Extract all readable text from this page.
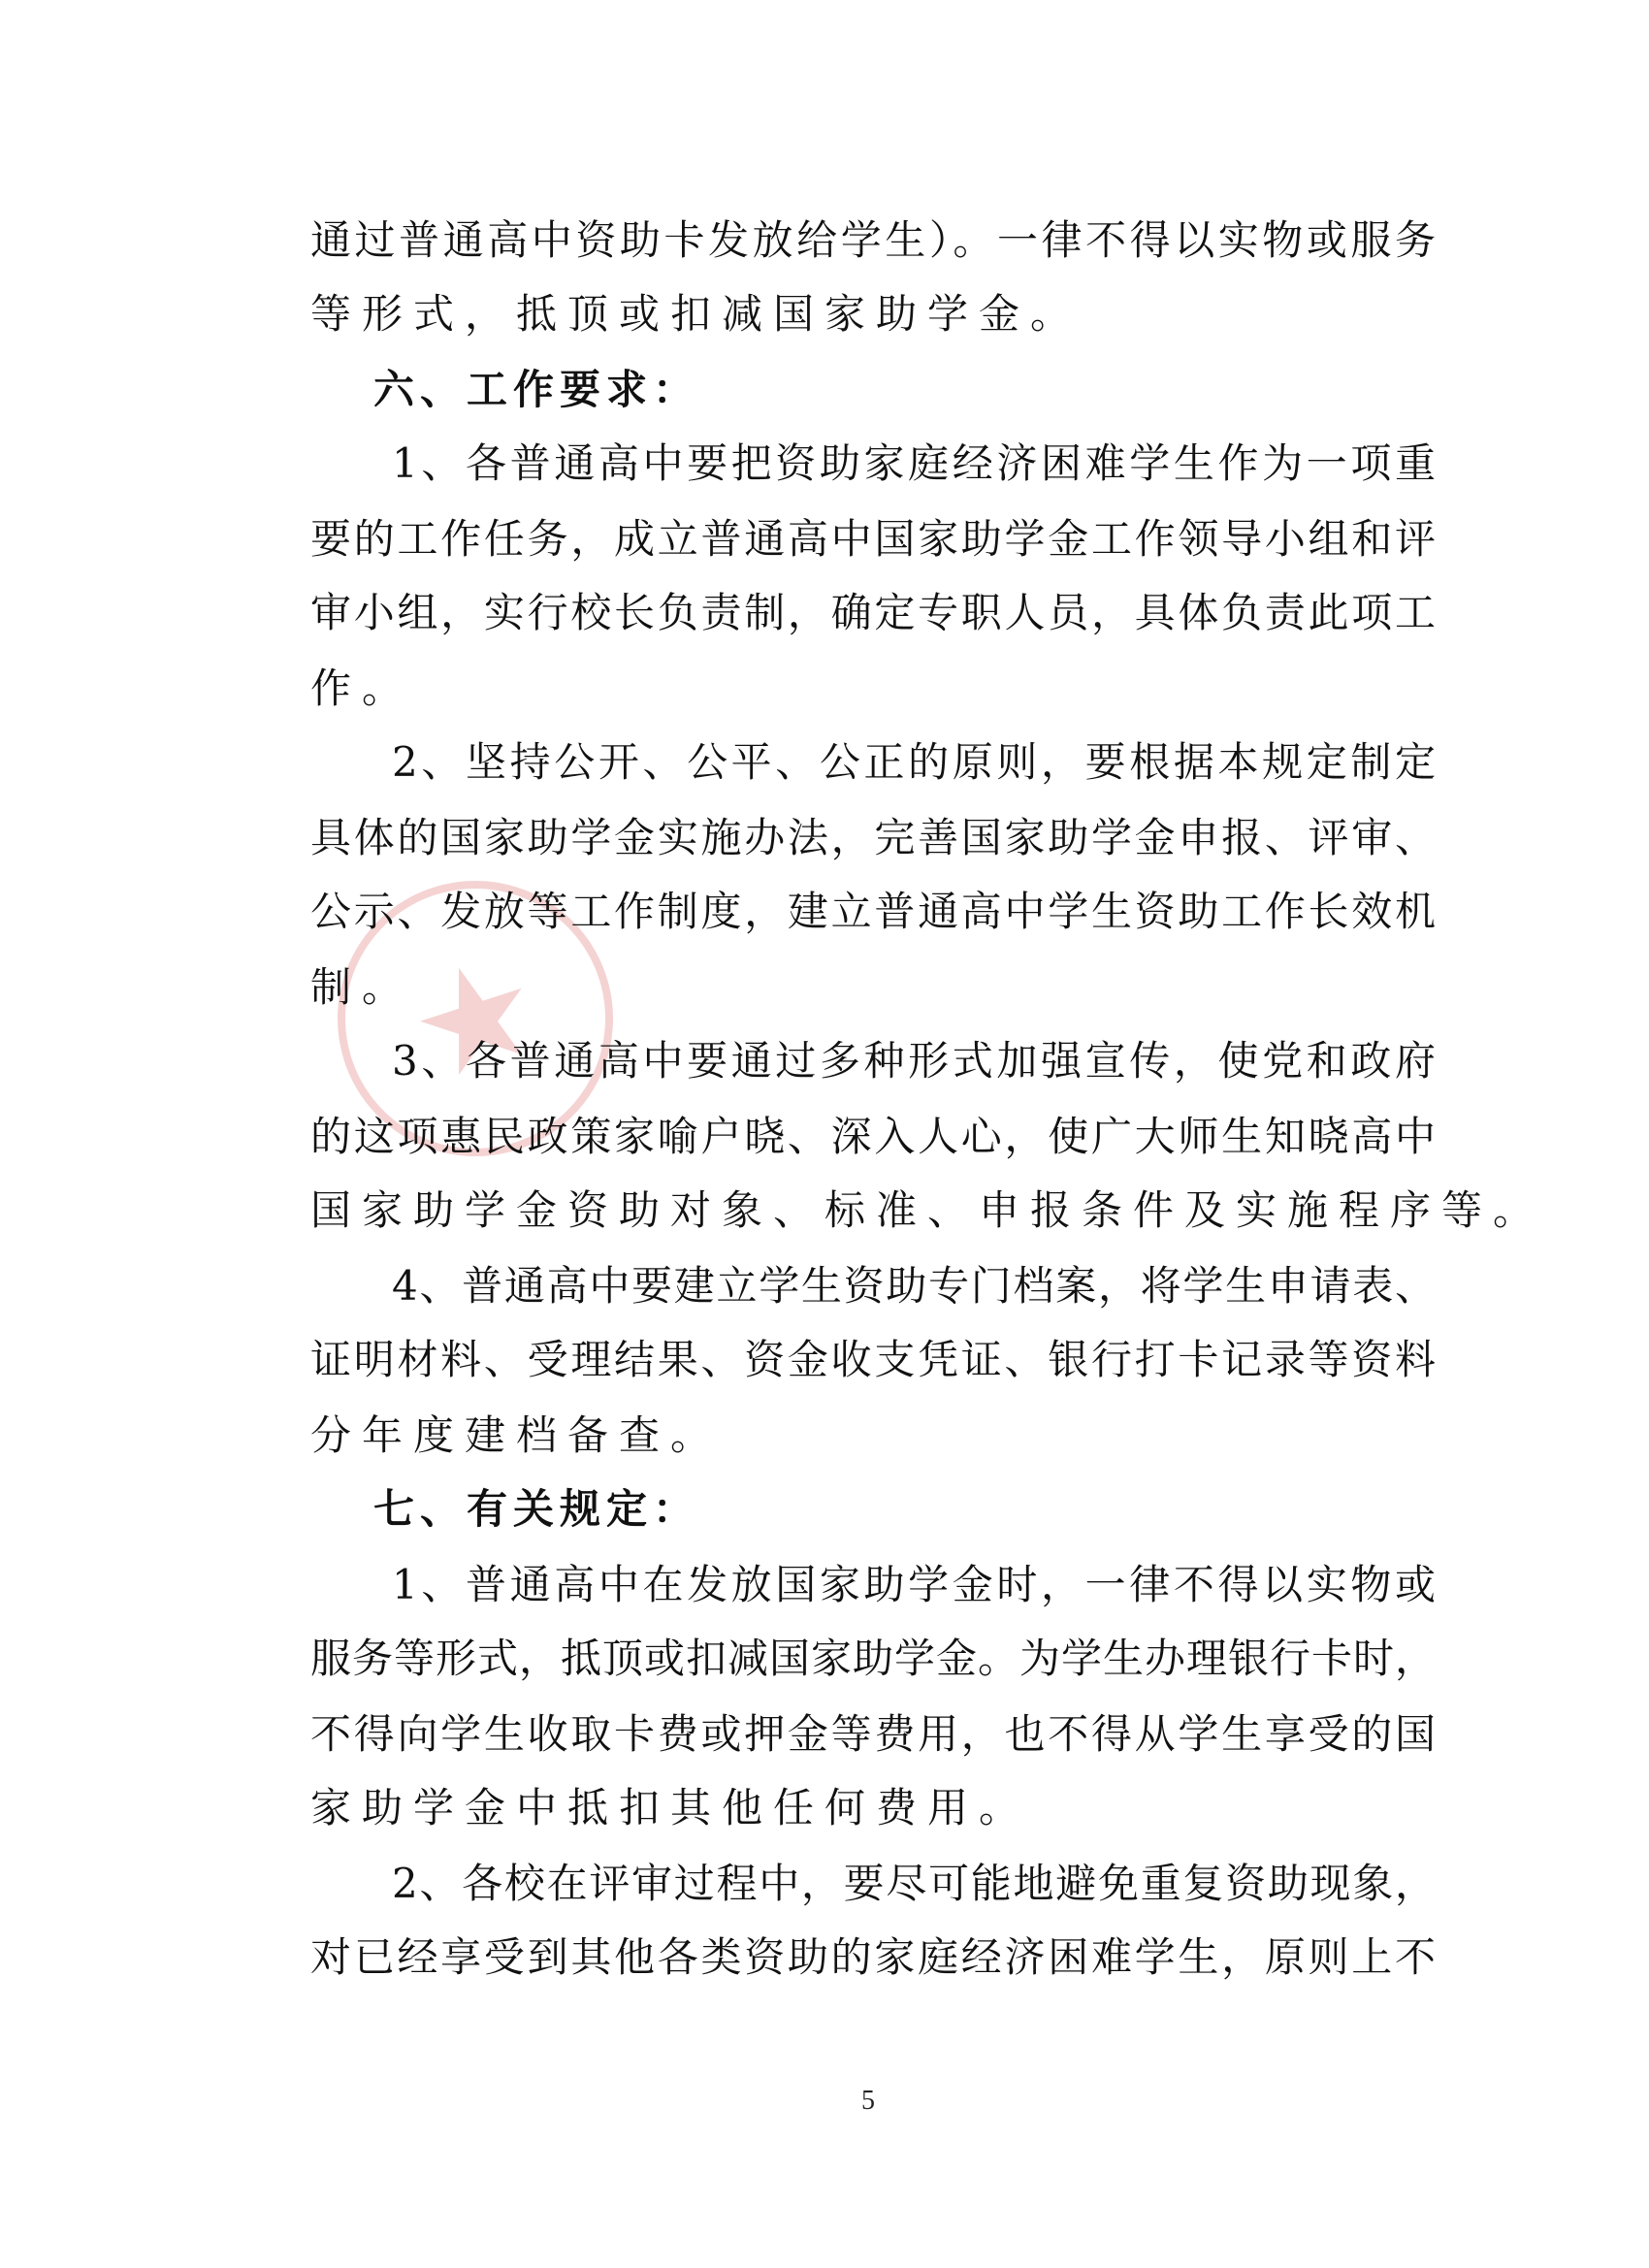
通过普通高中资助卡发放给学生）。一律不得以实物或服务
等形式，抵顶或扣减国家助学金。
六、工作要求：
1、各普通高中要把资助家庭经济困难学生作为一项重
要的工作任务，成立普通高中国家助学金工作领导小组和评
审小组，实行校长负责制，确定专职人员，具体负责此项工
作。
2、坚持公开、公平、公正的原则，要根据本规定制定
具体的国家助学金实施办法，完善国家助学金申报、评审、
公示、发放等工作制度，建立普通高中学生资助工作长效机
制。
3、各普通高中要通过多种形式加强宣传，使党和政府
的这项惠民政策家喻户晓、深入人心，使广大师生知晓高中
国家助学金资助对象、标准、申报条件及实施程序等。
4、普通高中要建立学生资助专门档案，将学生申请表、
证明材料、受理结果、资金收支凭证、银行打卡记录等资料
分年度建档备查。
七、有关规定：
1、普通高中在发放国家助学金时，一律不得以实物或
服务等形式，抵顶或扣减国家助学金。为学生办理银行卡时，
不得向学生收取卡费或押金等费用，也不得从学生享受的国
家助学金中抵扣其他任何费用。
2、各校在评审过程中，要尽可能地避免重复资助现象，
对已经享受到其他各类资助的家庭经济困难学生，原则上不
5
